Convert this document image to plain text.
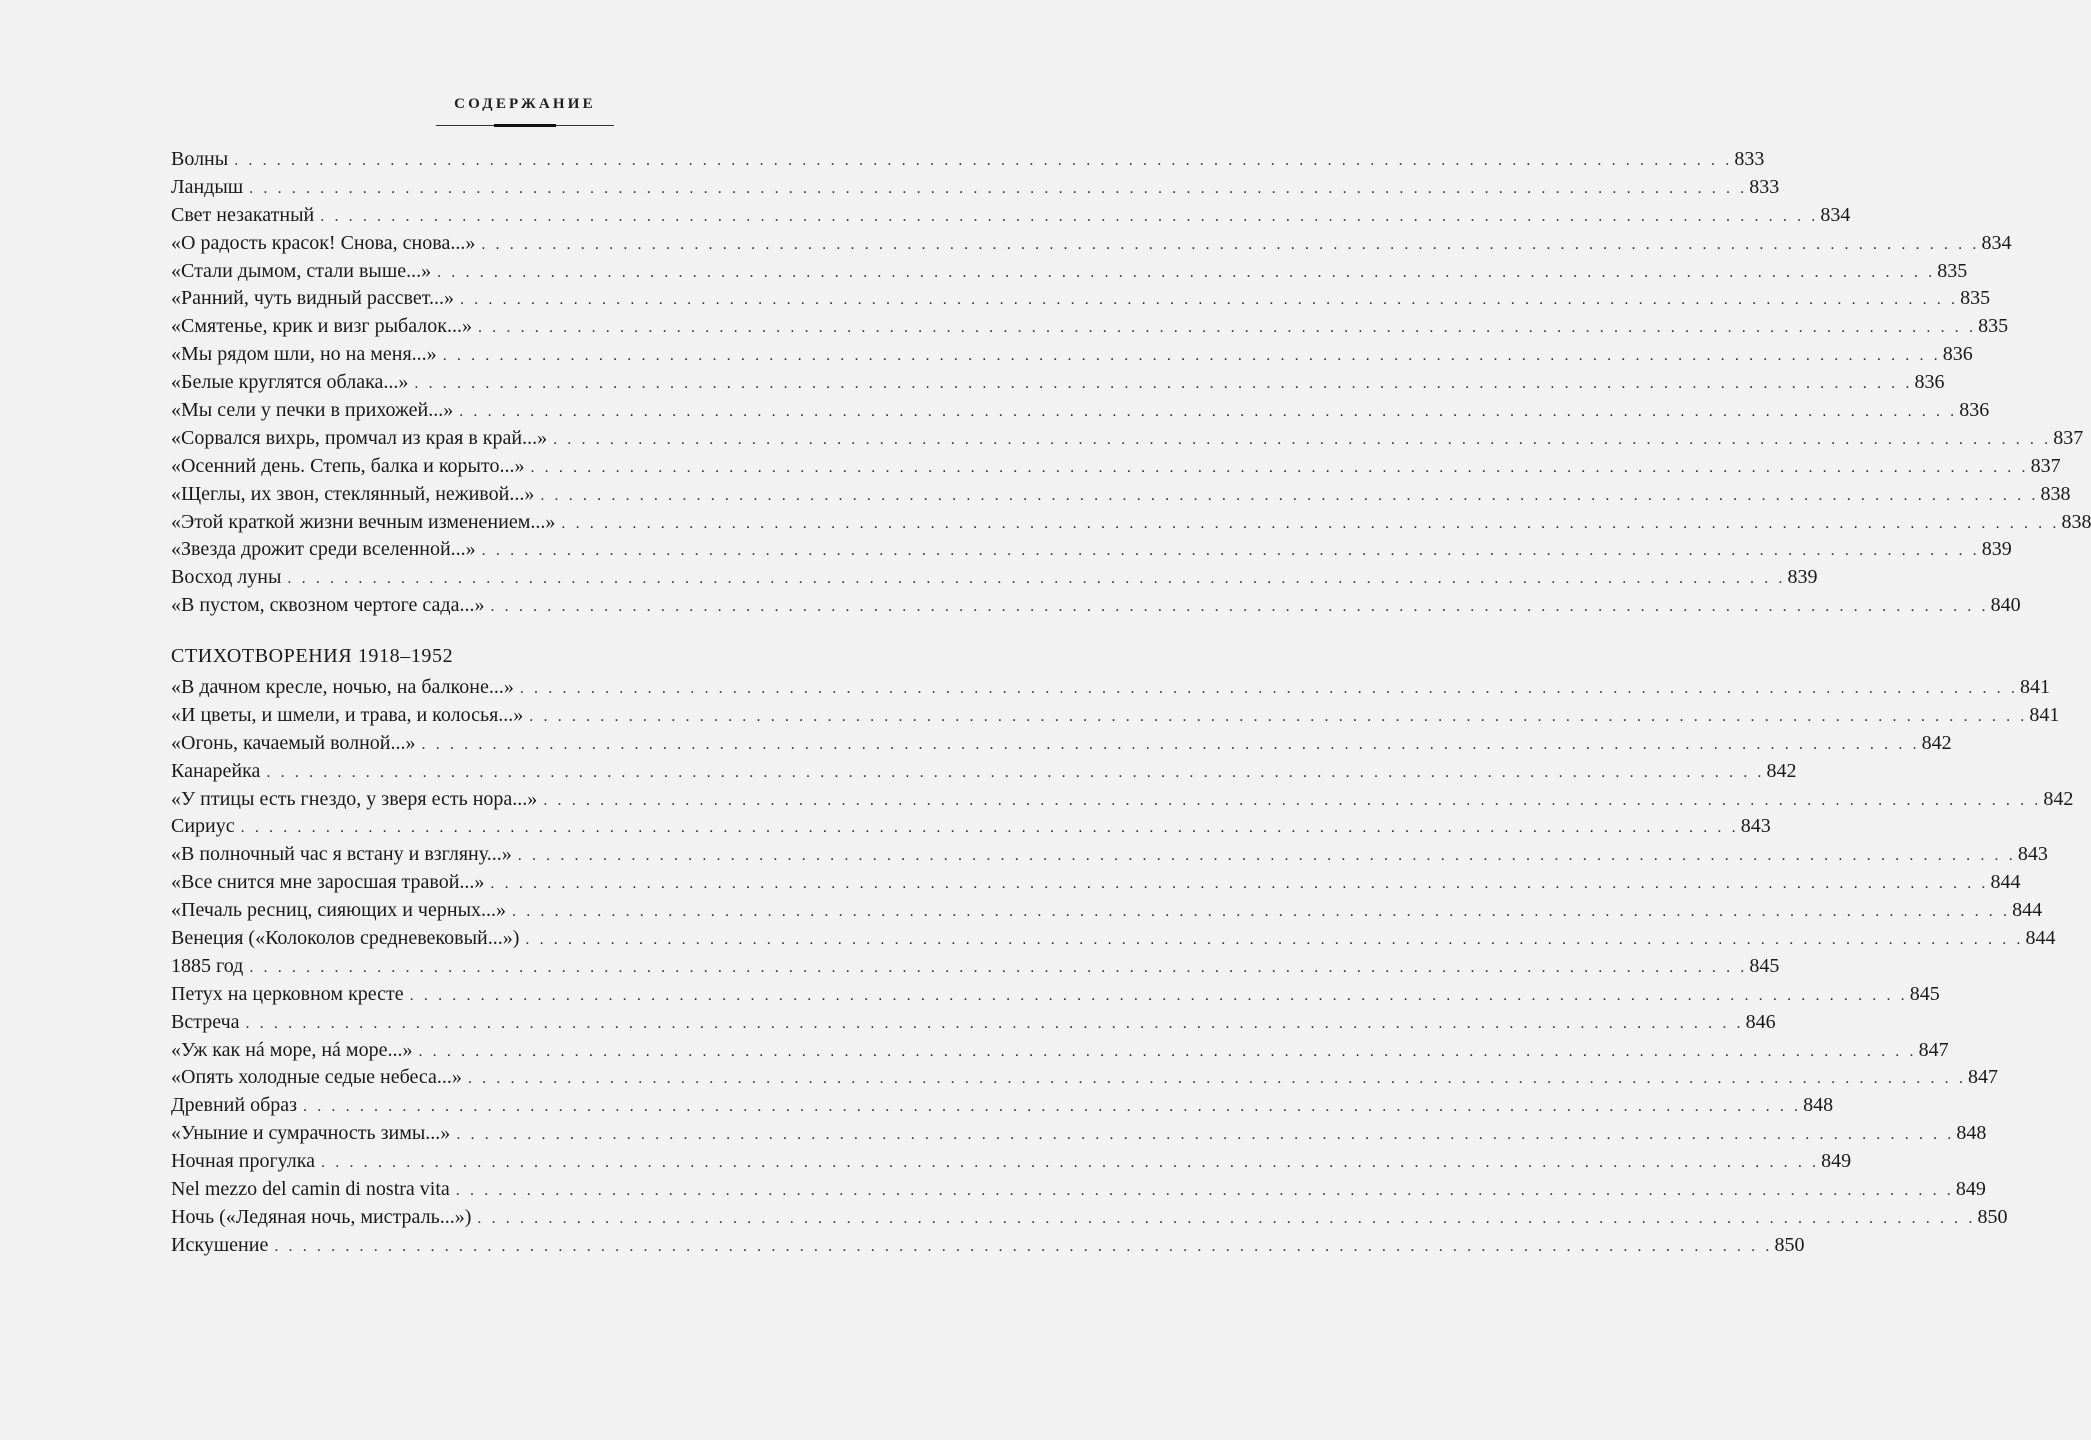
СОДЕРЖАНИЕ
Волны . . . . . . . . . . . . . . . . . . . . . . . . . . . . . . . . . . . . . . . . . . . . . . . . . . . . . . . . . . . . . . . . . . . . . . . . . . . . . . . . . . . . . . . . . . . . . . . . . . . . . . . . . . 833
Ландыш . . . . . . . . . . . . . . . . . . . . . . . . . . . . . . . . . . . . . . . . . . . . . . . . . . . . . . . . . . . . . . . . . . . . . . . . . . . . . . . . . . . . . . . . . . . . . . . . . . . . . . . . . . 833
Свет незакатный . . . . . . . . . . . . . . . . . . . . . . . . . . . . . . . . . . . . . . . . . . . . . . . . . . . . . . . . . . . . . . . . . . . . . . . . . . . . . . . . . . . . . . . . . . . . . . . . . . . . . . . . . . 834
«О радость красок! Снова, снова...» . . . . . . . . . . . . . . . . . . . . . . . . . . . . . . . . . . . . . . . . . . . . . . . . . . . . . . . . . . . . . . . . . . . . . . . . . . . . . . . . . . . . . . . . . . . . . . . . . . . . . . . . . . 834
«Стали дымом, стали выше...» . . . . . . . . . . . . . . . . . . . . . . . . . . . . . . . . . . . . . . . . . . . . . . . . . . . . . . . . . . . . . . . . . . . . . . . . . . . . . . . . . . . . . . . . . . . . . . . . . . . . . . . . . . 835
«Ранний, чуть видный рассвет...» . . . . . . . . . . . . . . . . . . . . . . . . . . . . . . . . . . . . . . . . . . . . . . . . . . . . . . . . . . . . . . . . . . . . . . . . . . . . . . . . . . . . . . . . . . . . . . . . . . . . . . . . . . 835
«Смятенье, крик и визг рыбалок...» . . . . . . . . . . . . . . . . . . . . . . . . . . . . . . . . . . . . . . . . . . . . . . . . . . . . . . . . . . . . . . . . . . . . . . . . . . . . . . . . . . . . . . . . . . . . . . . . . . . . . . . . . . 835
«Мы рядом шли, но на меня...» . . . . . . . . . . . . . . . . . . . . . . . . . . . . . . . . . . . . . . . . . . . . . . . . . . . . . . . . . . . . . . . . . . . . . . . . . . . . . . . . . . . . . . . . . . . . . . . . . . . . . . . . . . 836
«Белые круглятся облака...» . . . . . . . . . . . . . . . . . . . . . . . . . . . . . . . . . . . . . . . . . . . . . . . . . . . . . . . . . . . . . . . . . . . . . . . . . . . . . . . . . . . . . . . . . . . . . . . . . . . . . . . . . . 836
«Мы сели у печки в прихожей...» . . . . . . . . . . . . . . . . . . . . . . . . . . . . . . . . . . . . . . . . . . . . . . . . . . . . . . . . . . . . . . . . . . . . . . . . . . . . . . . . . . . . . . . . . . . . . . . . . . . . . . . . . . 836
«Сорвался вихрь, промчал из края в край...» . . . . . . . . . . . . . . . . . . . . . . . . . . . . . . . . . . . . . . . . . . . . . . . . . . . . . . . . . . . . . . . . . . . . . . . . . . . . . . . . . . . . . . . . . . . . . . . . . . . . . . . . . . 837
«Осенний день. Степь, балка и корыто...» . . . . . . . . . . . . . . . . . . . . . . . . . . . . . . . . . . . . . . . . . . . . . . . . . . . . . . . . . . . . . . . . . . . . . . . . . . . . . . . . . . . . . . . . . . . . . . . . . . . . . . . . . . 837
«Щеглы, их звон, стеклянный, неживой...» . . . . . . . . . . . . . . . . . . . . . . . . . . . . . . . . . . . . . . . . . . . . . . . . . . . . . . . . . . . . . . . . . . . . . . . . . . . . . . . . . . . . . . . . . . . . . . . . . . . . . . . . . . 838
«Этой краткой жизни вечным изменением...» . . . . . . . . . . . . . . . . . . . . . . . . . . . . . . . . . . . . . . . . . . . . . . . . . . . . . . . . . . . . . . . . . . . . . . . . . . . . . . . . . . . . . . . . . . . . . . . . . . . . . . . . . . 838
«Звезда дрожит среди вселенной...» . . . . . . . . . . . . . . . . . . . . . . . . . . . . . . . . . . . . . . . . . . . . . . . . . . . . . . . . . . . . . . . . . . . . . . . . . . . . . . . . . . . . . . . . . . . . . . . . . . . . . . . . . . 839
Восход луны . . . . . . . . . . . . . . . . . . . . . . . . . . . . . . . . . . . . . . . . . . . . . . . . . . . . . . . . . . . . . . . . . . . . . . . . . . . . . . . . . . . . . . . . . . . . . . . . . . . . . . . . . . 839
«В пустом, сквозном чертоге сада...» . . . . . . . . . . . . . . . . . . . . . . . . . . . . . . . . . . . . . . . . . . . . . . . . . . . . . . . . . . . . . . . . . . . . . . . . . . . . . . . . . . . . . . . . . . . . . . . . . . . . . . . . . . 840
СТИХОТВОРЕНИЯ 1918–1952
«В дачном кресле, ночью, на балконе...» . . . . . . . . . . . . . . . . . . . . . . . . . . . . . . . . . . . . . . . . . . . . . . . . . . . . . . . . . . . . . . . . . . . . . . . . . . . . . . . . . . . . . . . . . . . . . . . . . . . . . . . . . . 841
«И цветы, и шмели, и трава, и колосья...» . . . . . . . . . . . . . . . . . . . . . . . . . . . . . . . . . . . . . . . . . . . . . . . . . . . . . . . . . . . . . . . . . . . . . . . . . . . . . . . . . . . . . . . . . . . . . . . . . . . . . . . . . . 841
«Огонь, качаемый волной...» . . . . . . . . . . . . . . . . . . . . . . . . . . . . . . . . . . . . . . . . . . . . . . . . . . . . . . . . . . . . . . . . . . . . . . . . . . . . . . . . . . . . . . . . . . . . . . . . . . . . . . . . . . 842
Канарейка . . . . . . . . . . . . . . . . . . . . . . . . . . . . . . . . . . . . . . . . . . . . . . . . . . . . . . . . . . . . . . . . . . . . . . . . . . . . . . . . . . . . . . . . . . . . . . . . . . . . . . . . . . 842
«У птицы есть гнездо, у зверя есть нора...» . . . . . . . . . . . . . . . . . . . . . . . . . . . . . . . . . . . . . . . . . . . . . . . . . . . . . . . . . . . . . . . . . . . . . . . . . . . . . . . . . . . . . . . . . . . . . . . . . . . . . . . . . . 842
Сириус . . . . . . . . . . . . . . . . . . . . . . . . . . . . . . . . . . . . . . . . . . . . . . . . . . . . . . . . . . . . . . . . . . . . . . . . . . . . . . . . . . . . . . . . . . . . . . . . . . . . . . . . . . 843
«В полночный час я встану и взгляну...» . . . . . . . . . . . . . . . . . . . . . . . . . . . . . . . . . . . . . . . . . . . . . . . . . . . . . . . . . . . . . . . . . . . . . . . . . . . . . . . . . . . . . . . . . . . . . . . . . . . . . . . . . . 843
«Все снится мне заросшая травой...» . . . . . . . . . . . . . . . . . . . . . . . . . . . . . . . . . . . . . . . . . . . . . . . . . . . . . . . . . . . . . . . . . . . . . . . . . . . . . . . . . . . . . . . . . . . . . . . . . . . . . . . . . . 844
«Печаль ресниц, сияющих и черных...» . . . . . . . . . . . . . . . . . . . . . . . . . . . . . . . . . . . . . . . . . . . . . . . . . . . . . . . . . . . . . . . . . . . . . . . . . . . . . . . . . . . . . . . . . . . . . . . . . . . . . . . . . . 844
Венеция («Колоколов средневековый...») . . . . . . . . . . . . . . . . . . . . . . . . . . . . . . . . . . . . . . . . . . . . . . . . . . . . . . . . . . . . . . . . . . . . . . . . . . . . . . . . . . . . . . . . . . . . . . . . . . . . . . . . . . 844
1885 год . . . . . . . . . . . . . . . . . . . . . . . . . . . . . . . . . . . . . . . . . . . . . . . . . . . . . . . . . . . . . . . . . . . . . . . . . . . . . . . . . . . . . . . . . . . . . . . . . . . . . . . . . . 845
Петух на церковном кресте . . . . . . . . . . . . . . . . . . . . . . . . . . . . . . . . . . . . . . . . . . . . . . . . . . . . . . . . . . . . . . . . . . . . . . . . . . . . . . . . . . . . . . . . . . . . . . . . . . . . . . . . . . 845
Встреча . . . . . . . . . . . . . . . . . . . . . . . . . . . . . . . . . . . . . . . . . . . . . . . . . . . . . . . . . . . . . . . . . . . . . . . . . . . . . . . . . . . . . . . . . . . . . . . . . . . . . . . . . . 846
«Уж как нá море, нá море...» . . . . . . . . . . . . . . . . . . . . . . . . . . . . . . . . . . . . . . . . . . . . . . . . . . . . . . . . . . . . . . . . . . . . . . . . . . . . . . . . . . . . . . . . . . . . . . . . . . . . . . . . . . 847
«Опять холодные седые небеса...» . . . . . . . . . . . . . . . . . . . . . . . . . . . . . . . . . . . . . . . . . . . . . . . . . . . . . . . . . . . . . . . . . . . . . . . . . . . . . . . . . . . . . . . . . . . . . . . . . . . . . . . . . . 847
Древний образ . . . . . . . . . . . . . . . . . . . . . . . . . . . . . . . . . . . . . . . . . . . . . . . . . . . . . . . . . . . . . . . . . . . . . . . . . . . . . . . . . . . . . . . . . . . . . . . . . . . . . . . . . . 848
«Уныние и сумрачность зимы...» . . . . . . . . . . . . . . . . . . . . . . . . . . . . . . . . . . . . . . . . . . . . . . . . . . . . . . . . . . . . . . . . . . . . . . . . . . . . . . . . . . . . . . . . . . . . . . . . . . . . . . . . . . 848
Ночная прогулка . . . . . . . . . . . . . . . . . . . . . . . . . . . . . . . . . . . . . . . . . . . . . . . . . . . . . . . . . . . . . . . . . . . . . . . . . . . . . . . . . . . . . . . . . . . . . . . . . . . . . . . . . . 849
Nel mezzo del camin di nostra vita . . . . . . . . . . . . . . . . . . . . . . . . . . . . . . . . . . . . . . . . . . . . . . . . . . . . . . . . . . . . . . . . . . . . . . . . . . . . . . . . . . . . . . . . . . . . . . . . . . . . . . . . . . 849
Ночь («Ледяная ночь, мистраль...») . . . . . . . . . . . . . . . . . . . . . . . . . . . . . . . . . . . . . . . . . . . . . . . . . . . . . . . . . . . . . . . . . . . . . . . . . . . . . . . . . . . . . . . . . . . . . . . . . . . . . . . . . . 850
Искушение . . . . . . . . . . . . . . . . . . . . . . . . . . . . . . . . . . . . . . . . . . . . . . . . . . . . . . . . . . . . . . . . . . . . . . . . . . . . . . . . . . . . . . . . . . . . . . . . . . . . . . . . . . 850
